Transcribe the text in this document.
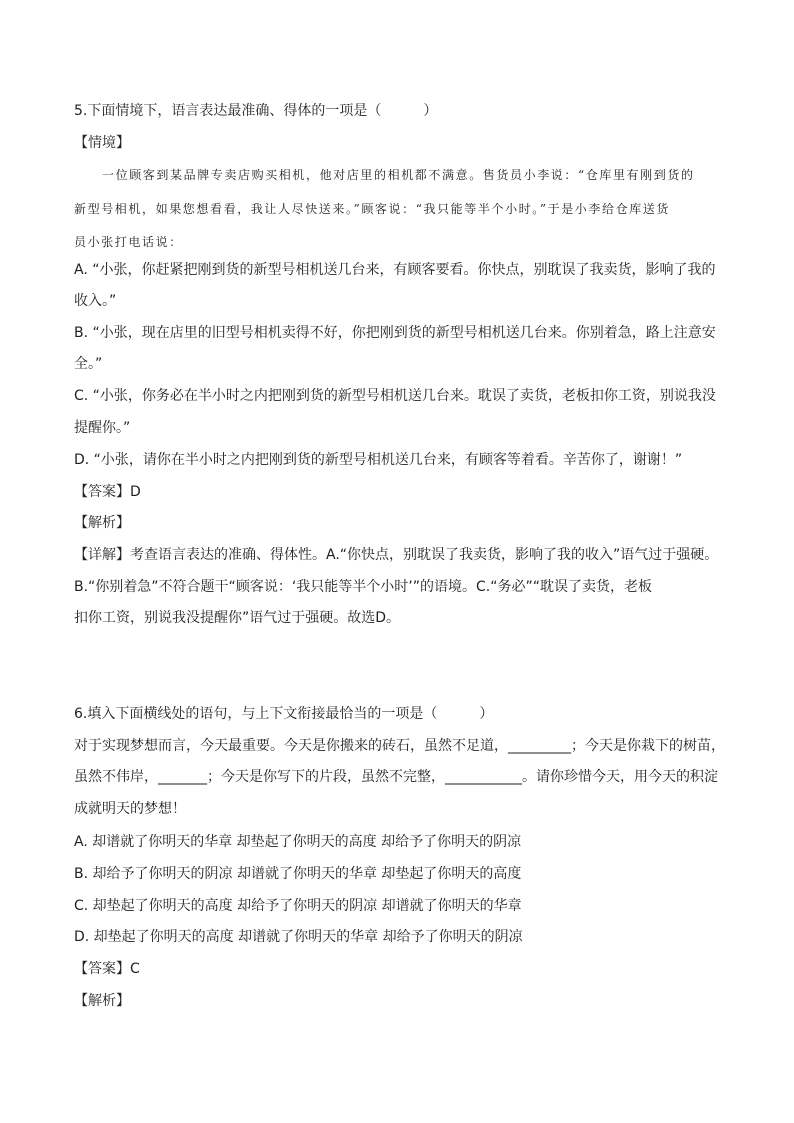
5.下面情境下，语言表达最准确、得体的一项是（　　　）
【情境】
一位顾客到某品牌专卖店购买相机，他对店里的相机都不满意。售货员小李说：“仓库里有刚到货的
新型号相机，如果您想看看，我让人尽快送来。”顾客说：“我只能等半个小时。”于是小李给仓库送货
员小张打电话说：
A. “小张，你赶紧把刚到货的新型号相机送几台来，有顾客要看。你快点，别耽误了我卖货，影响了我的
收入。”
B. “小张，现在店里的旧型号相机卖得不好，你把刚到货的新型号相机送几台来。你别着急，路上注意安
全。”
C. “小张，你务必在半小时之内把刚到货的新型号相机送几台来。耽误了卖货，老板扣你工资，别说我没
提醒你。”
D. “小张，请你在半小时之内把刚到货的新型号相机送几台来，有顾客等着看。辛苦你了，谢谢！”
【答案】D
【解析】
【详解】考查语言表达的准确、得体性。A.“你快点，别耽误了我卖货，影响了我的收入”语气过于强硬。
B.“你别着急”不符合题干“顾客说：‘我只能等半个小时’”的语境。C.“务必”“耽误了卖货，老板
扣你工资，别说我没提醒你”语气过于强硬。故选D。
6.填入下面横线处的语句，与上下文衔接最恰当的一项是（　　　）
对于实现梦想而言，今天最重要。今天是你搬来的砖石，虽然不足道，_________；今天是你栽下的树苗，
虽然不伟岸，_______；今天是你写下的片段，虽然不完整，___________。请你珍惜今天，用今天的积淀
成就明天的梦想！
A. 却谱就了你明天的华章 却垫起了你明天的高度 却给予了你明天的阴凉
B. 却给予了你明天的阴凉 却谱就了你明天的华章 却垫起了你明天的高度
C. 却垫起了你明天的高度 却给予了你明天的阴凉 却谱就了你明天的华章
D. 却垫起了你明天的高度 却谱就了你明天的华章 却给予了你明天的阴凉
【答案】C
【解析】
